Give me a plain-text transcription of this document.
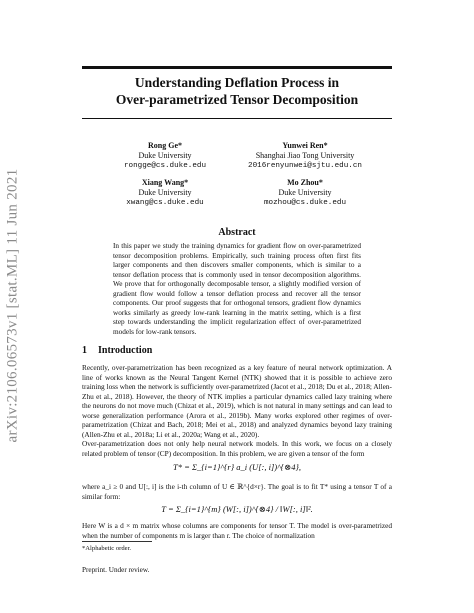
arXiv:2106.06573v1 [stat.ML] 11 Jun 2021
Understanding Deflation Process in
Over-parametrized Tensor Decomposition
Rong Ge*
Duke University
rongge@cs.duke.edu
Yunwei Ren*
Shanghai Jiao Tong University
2016renyunwei@sjtu.edu.cn
Xiang Wang*
Duke University
xwang@cs.duke.edu
Mo Zhou*
Duke University
mozhou@cs.duke.edu
Abstract
In this paper we study the training dynamics for gradient flow on over-parametrized tensor decomposition problems. Empirically, such training process often first fits larger components and then discovers smaller components, which is similar to a tensor deflation process that is commonly used in tensor decomposition algorithms. We prove that for orthogonally decomposable tensor, a slightly modified version of gradient flow would follow a tensor deflation process and recover all the tensor components. Our proof suggests that for orthogonal tensors, gradient flow dynamics works similarly as greedy low-rank learning in the matrix setting, which is a first step towards understanding the implicit regularization effect of over-parametrized models for low-rank tensors.
1 Introduction
Recently, over-parametrization has been recognized as a key feature of neural network optimization. A line of works known as the Neural Tangent Kernel (NTK) showed that it is possible to achieve zero training loss when the network is sufficiently over-parametrized (Jacot et al., 2018; Du et al., 2018; Allen-Zhu et al., 2018). However, the theory of NTK implies a particular dynamics called lazy training where the neurons do not move much (Chizat et al., 2019), which is not natural in many settings and can lead to worse generalization performance (Arora et al., 2019b). Many works explored other regimes of over-parametrization (Chizat and Bach, 2018; Mei et al., 2018) and analyzed dynamics beyond lazy training (Allen-Zhu et al., 2018a; Li et al., 2020a; Wang et al., 2020).
Over-parametrization does not only help neural network models. In this work, we focus on a closely related problem of tensor (CP) decomposition. In this problem, we are given a tensor of the form
T* = Σ_{i=1}^{r} a_i (U[:, i])^{⊗4},
where a_i ≥ 0 and U[:, i] is the i-th column of U ∈ ℝ^{d×r}. The goal is to fit T* using a tensor T of a similar form:
T = Σ_{i=1}^{m} (W[:, i])^{⊗4} / ‖W[:, i]‖².
Here W is a d × m matrix whose columns are components for tensor T. The model is over-parametrized when the number of components m is larger than r. The choice of normalization
*Alphabetic order.
Preprint. Under review.
